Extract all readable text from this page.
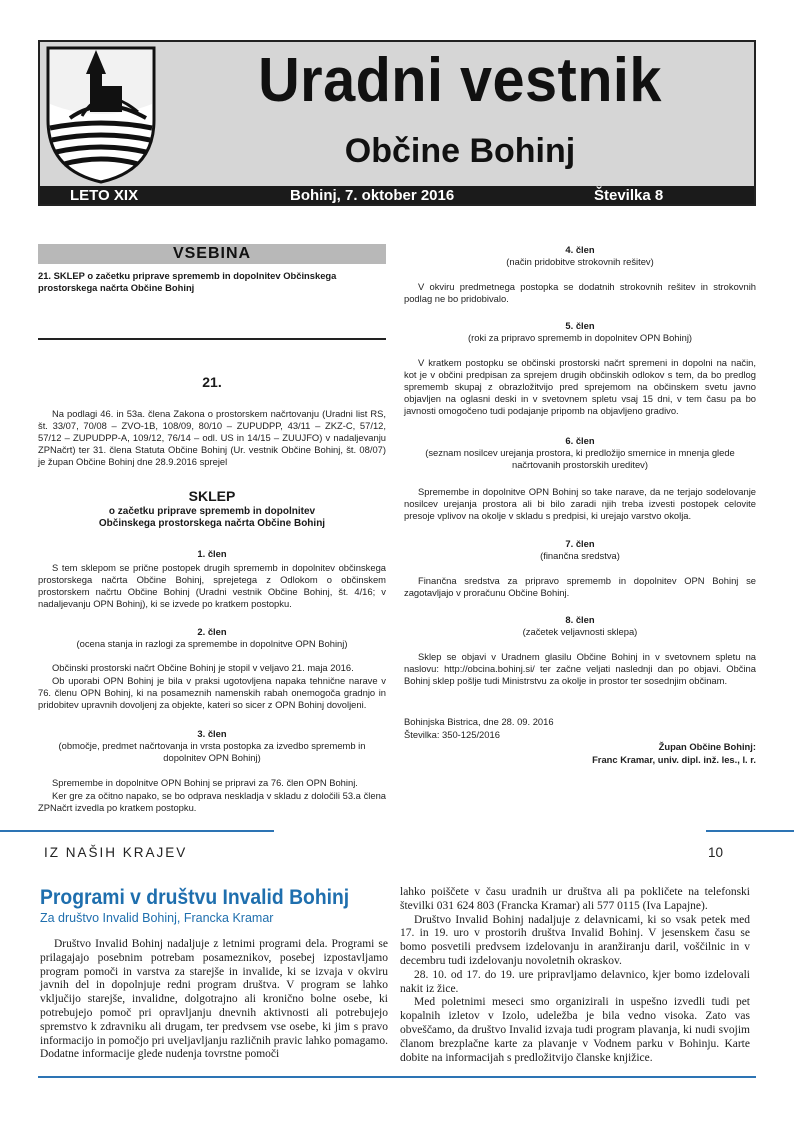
Uradni vestnik
Občine Bohinj
LETO XIX	Bohinj, 7. oktober 2016	Številka 8
VSEBINA
21. SKLEP o začetku priprave sprememb in dopolnitev Občinskega prostorskega načrta Občine Bohinj
21.
Na podlagi 46. in 53a. člena Zakona o prostorskem načrtovanju (Uradni list RS, št. 33/07, 70/08 – ZVO-1B, 108/09, 80/10 – ZUPUDPP, 43/11 – ZKZ-C, 57/12, 57/12 – ZUPUDPP-A, 109/12, 76/14 – odl. US in 14/15 – ZUUJFO) v nadaljevanju ZPNačrt) ter 31. člena Statuta Občine Bohinj (Ur. vestnik Občine Bohinj, št. 08/07) je župan Občine Bohinj dne 28.9.2016 sprejel
SKLEP
o začetku priprave sprememb in dopolnitev
Občinskega prostorskega načrta Občine Bohinj
1. člen
S tem sklepom se prične postopek drugih sprememb in dopolnitev občinskega prostorskega načrta Občine Bohinj, sprejetega z Odlokom o občinskem prostorskem načrtu Občine Bohinj (Uradni vestnik Občine Bohinj, št. 4/16; v nadaljevanju OPN Bohinj), ki se izvede po kratkem postopku.
2. člen
(ocena stanja in razlogi za spremembe in dopolnitve OPN Bohinj)
Občinski prostorski načrt Občine Bohinj je stopil v veljavo 21. maja 2016.
Ob uporabi OPN Bohinj je bila v praksi ugotovljena napaka tehnične narave v 76. členu OPN Bohinj, ki na posameznih namenskih rabah onemogoča gradnjo in pridobitev upravnih dovoljenj za objekte, kateri so sicer z OPN Bohinj dovoljeni.
3. člen
(območje, predmet načrtovanja in vrsta postopka za izvedbo sprememb in dopolnitev OPN Bohinj)
Spremembe in dopolnitve OPN Bohinj se pripravi za 76. člen OPN Bohinj.
Ker gre za očitno napako, se bo odprava neskladja v skladu z določili 53.a člena ZPNačrt izvedla po kratkem postopku.
4. člen
(način pridobitve strokovnih rešitev)
V okviru predmetnega postopka se dodatnih strokovnih rešitev in strokovnih podlag ne bo pridobivalo.
5. člen
(roki za pripravo sprememb in dopolnitev OPN Bohinj)
V kratkem postopku se občinski prostorski načrt spremeni in dopolni na način, kot je v občini predpisan za sprejem drugih občinskih odlokov s tem, da bo predlog sprememb skupaj z obrazložitvijo pred sprejemom na občinskem svetu javno objavljen na oglasni deski in v svetovnem spletu vsaj 15 dni, v tem času pa bo javnosti omogočeno tudi podajanje pripomb na objavljeno gradivo.
6. člen
(seznam nosilcev urejanja prostora, ki predložijo smernice in mnenja glede načrtovanih prostorskih ureditev)
Spremembe in dopolnitve OPN Bohinj so take narave, da ne terjajo sodelovanje nosilcev urejanja prostora ali bi bilo zaradi njih treba izvesti postopek celovite presoje vplivov na okolje v skladu s predpisi, ki urejajo varstvo okolja.
7. člen
(finančna sredstva)
Finančna sredstva za pripravo sprememb in dopolnitev OPN Bohinj se zagotavljajo v proračunu Občine Bohinj.
8. člen
(začetek veljavnosti sklepa)
Sklep se objavi v Uradnem glasilu Občine Bohinj in v svetovnem spletu na naslovu: http://obcina.bohinj.si/ ter začne veljati naslednji dan po objavi. Občina Bohinj sklep pošlje tudi Ministrstvu za okolje in prostor ter sosednjim občinam.
Bohinjska Bistrica, dne 28. 09. 2016
Številka: 350-125/2016
Župan Občine Bohinj:
Franc Kramar, univ. dipl. inž. les., l. r.
IZ NAŠIH KRAJEV	10
Programi v društvu Invalid Bohinj
Za društvo Invalid Bohinj, Francka Kramar
Društvo Invalid Bohinj nadaljuje z letnimi programi dela. Programi se prilagajajo posebnim potrebam posameznikov, posebej izpostavljamo program pomoči in varstva za starejše in invalide, ki se izvaja v okviru javnih del in dopolnjuje redni program društva. V program se lahko vključijo starejše, invalidne, dolgotrajno ali kronično bolne osebe, ki potrebujejo pomoč pri opravljanju dnevnih aktivnosti ali potrebujejo spremstvo k zdravniku ali drugam, ter predvsem vse osebe, ki jim s pravo informacijo in pomočjo pri uveljavljanju različnih pravic lahko pomagamo. Dodatne informacije glede nudenja tovrstne pomoči
lahko poiščete v času uradnih ur društva ali pa pokličete na telefonski številki 031 624 803 (Francka Kramar) ali 577 0115 (Iva Lapajne).
Društvo Invalid Bohinj nadaljuje z delavnicami, ki so vsak petek med 17. in 19. uro v prostorih društva Invalid Bohinj. V jesenskem času se bomo posvetili predvsem izdelovanju in aranžiranju daril, voščilnic in v decembru tudi izdelovanju novoletnih okraskov.
28. 10. od 17. do 19. ure pripravljamo delavnico, kjer bomo izdelovali nakit iz žice.
Med poletnimi meseci smo organizirali in uspešno izvedli tudi pet kopalnih izletov v Izolo, udeležba je bila vedno visoka. Zato vas obveščamo, da društvo Invalid izvaja tudi program plavanja, ki nudi svojim članom brezplačne karte za plavanje v Vodnem parku v Bohinju. Karte dobite na informacijah s predložitvijo članske knjižice.
